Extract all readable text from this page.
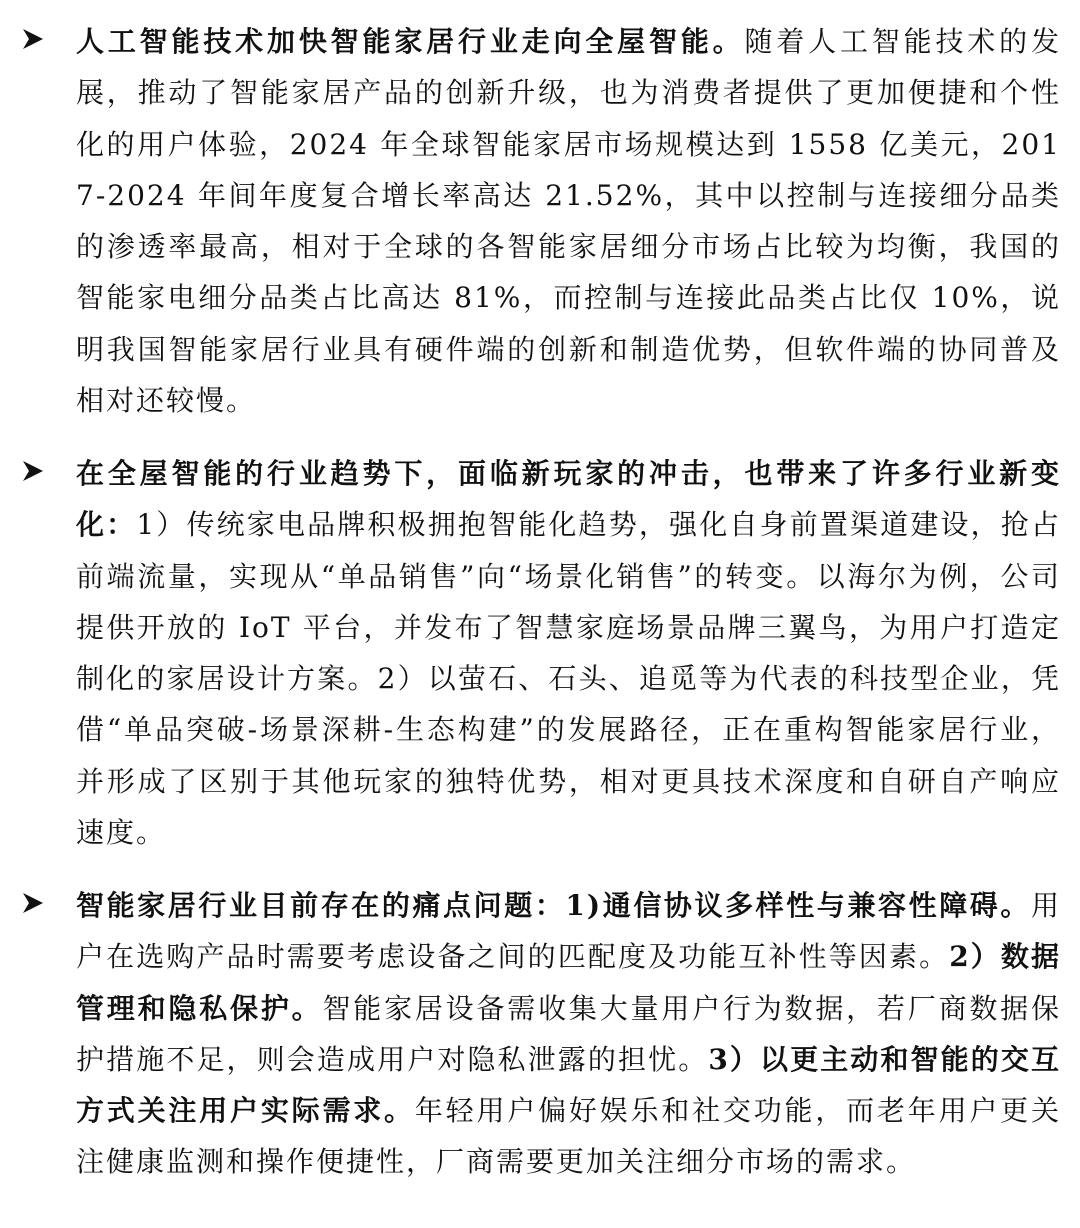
人工智能技术加快智能家居行业走向全屋智能。随着人工智能技术的发展，推动了智能家居产品的创新升级，也为消费者提供了更加便捷和个性化的用户体验，2024 年全球智能家居市场规模达到 1558 亿美元，2017-2024 年间年度复合增长率高达 21.52%，其中以控制与连接细分品类的渗透率最高，相对于全球的各智能家居细分市场占比较为均衡，我国的智能家电细分品类占比高达 81%，而控制与连接此品类占比仅 10%，说明我国智能家居行业具有硬件端的创新和制造优势，但软件端的协同普及相对还较慢。
在全屋智能的行业趋势下，面临新玩家的冲击，也带来了许多行业新变化：1）传统家电品牌积极拥抱智能化趋势，强化自身前置渠道建设，抢占前端流量，实现从“单品销售”向“场景化销售”的转变。以海尔为例，公司提供开放的 IoT 平台，并发布了智慧家庭场景品牌三翼鸟，为用户打造定制化的家居设计方案。2）以萤石、石头、追觅等为代表的科技型企业，凭借“单品突破-场景深耕-生态构建”的发展路径，正在重构智能家居行业，并形成了区别于其他玩家的独特优势，相对更具技术深度和自研自产响应速度。
智能家居行业目前存在的痛点问题：1)通信协议多样性与兼容性障碍。用户在选购产品时需要考虑设备之间的匹配度及功能互补性等因素。2）数据管理和隐私保护。智能家居设备需收集大量用户行为数据，若厂商数据保护措施不足，则会造成用户对隐私泄露的担忧。3）以更主动和智能的交互方式关注用户实际需求。年轻用户偏好娱乐和社交功能，而老年用户更关注健康监测和操作便捷性，厂商需要更加关注细分市场的需求。
